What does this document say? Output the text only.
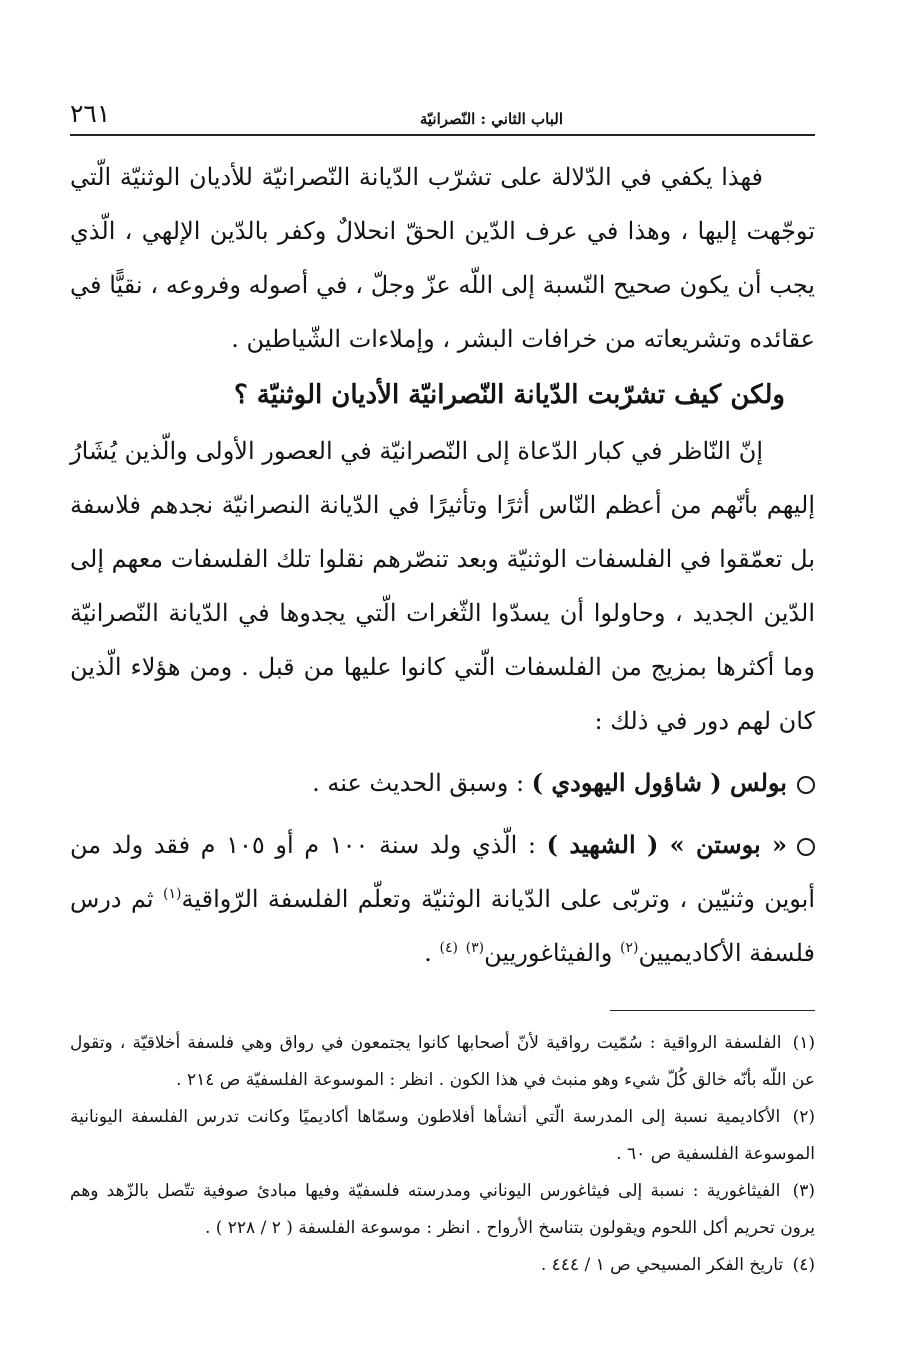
الباب الثاني : النّصرانيّة
٢٦١

فهذا يكفي في الدّلالة على تشرّب الدّيانة النّصرانيّة للأديان الوثنيّة الّتي توجّهت إليها ، وهذا في عرف الدّين الحقّ انحلالٌ وكفر بالدّين الإلهي ، الّذي يجب أن يكون صحيح النّسبة إلى اللّه عزّ وجلّ ، في أصوله وفروعه ، نقيًّا في عقائده وتشريعاته من خرافات البشر ، وإملاءات الشّياطين .

ولكن كيف تشرّبت الدّيانة النّصرانيّة الأديان الوثنيّة ؟

إنّ النّاظر في كبار الدّعاة إلى النّصرانيّة في العصور الأولى والّذين يُشَارُ إليهم بأنّهم من أعظم النّاس أثرًا وتأثيرًا في الدّيانة النصرانيّة نجدهم فلاسفة بل تعمّقوا في الفلسفات الوثنيّة وبعد تنصّرهم نقلوا تلك الفلسفات معهم إلى الدّين الجديد ، وحاولوا أن يسدّوا الثّغرات الّتي يجدوها في الدّيانة النّصرانيّة وما أكثرها بمزيج من الفلسفات الّتي كانوا عليها من قبل . ومن هؤلاء الّذين كان لهم دور في ذلك :

بولس ( شاؤول اليهودي ) : وسبق الحديث عنه .

« بوستن » ( الشهيد ) : الّذي ولد سنة ١٠٠ م أو ١٠٥ م فقد ولد من أبوين وثنيّين ، وتربّى على الدّيانة الوثنيّة وتعلّم الفلسفة الرّواقية$^{(١)}$ ثم درس فلسفة الأكاديميين$^{(٢)}$ والفيثاغوريين$^{(٣)}$ $^{(٤)}$ .

(١) الفلسفة الرواقية : سُمّيت رواقية لأنّ أصحابها كانوا يجتمعون في رواق وهي فلسفة أخلاقيّة ، وتقول عن اللّه بأنّه خالق كُلّ شيء وهو منبث في هذا الكون . انظر : الموسوعة الفلسفيّة ص ٢١٤ .

(٢) الأكاديمية نسبة إلى المدرسة الّتي أنشأها أفلاطون وسمّاها أكاديميًا وكانت تدرس الفلسفة اليونانية الموسوعة الفلسفية ص ٦٠ .

(٣) الفيثاغورية : نسبة إلى فيثاغورس اليوناني ومدرسته فلسفيّة وفيها مبادئ صوفية تتّصل بالزّهد وهم يرون تحريم أكل اللحوم ويقولون بتناسخ الأرواح . انظر : موسوعة الفلسفة ( ٢ / ٢٢٨ ) .

(٤) تاريخ الفكر المسيحي ص ١ / ٤٤٤ .
